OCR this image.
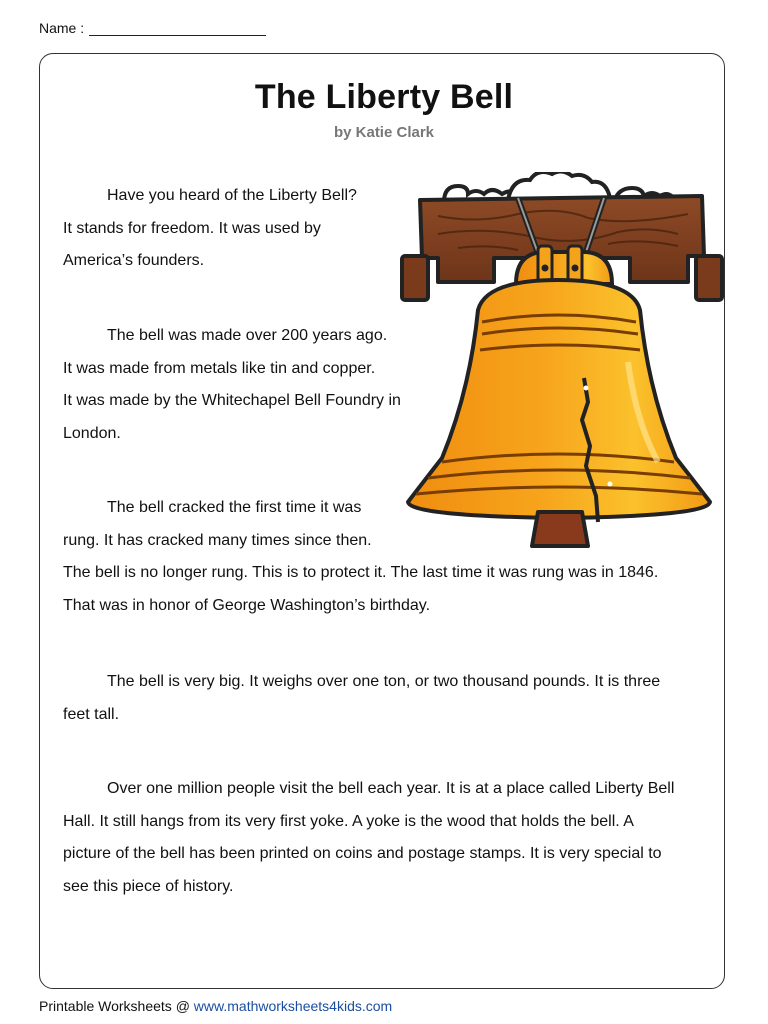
Name :
The Liberty Bell
by Katie Clark
Have you heard of the Liberty Bell?
It stands for freedom. It was used by
America’s founders.
The bell was made over 200 years ago.
It was made from metals like tin and copper.
It was made by the Whitechapel Bell Foundry in
London.
The bell cracked the first time it was
rung. It has cracked many times since then.
The bell is no longer rung. This is to protect it. The last time it was rung was in 1846.
That was in honor of George Washington’s birthday.
The bell is very big. It weighs over one ton, or two thousand pounds. It is three
feet tall.
Over one million people visit the bell each year. It is at a place called Liberty Bell
Hall. It still hangs from its very first yoke. A yoke is the wood that holds the bell. A
picture of the bell has been printed on coins and postage stamps. It is very special to
see this piece of history.
Printable Worksheets @ www.mathworksheets4kids.com
